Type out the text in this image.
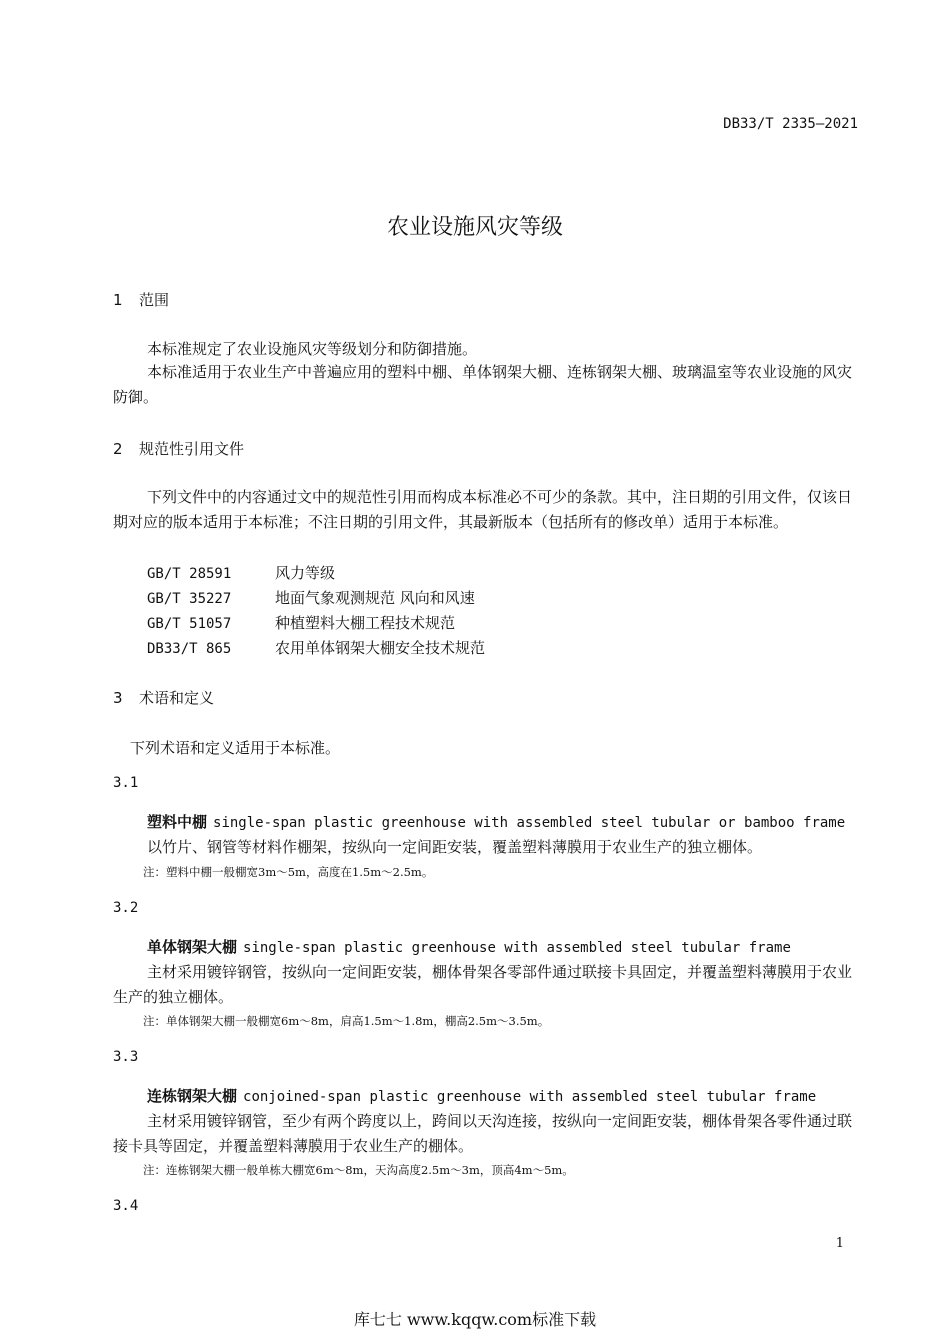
DB33/T 2335—2021
农业设施风灾等级
1 范围
本标准规定了农业设施风灾等级划分和防御措施。
本标准适用于农业生产中普遍应用的塑料中棚、单体钢架大棚、连栋钢架大棚、玻璃温室等农业设施的风灾防御。
2 规范性引用文件
下列文件中的内容通过文中的规范性引用而构成本标准必不可少的条款。其中，注日期的引用文件，仅该日期对应的版本适用于本标准；不注日期的引用文件，其最新版本（包括所有的修改单）适用于本标准。
GB/T 28591	风力等级
GB/T 35227	地面气象观测规范 风向和风速
GB/T 51057	种植塑料大棚工程技术规范
DB33/T 865	农用单体钢架大棚安全技术规范
3 术语和定义
下列术语和定义适用于本标准。
3.1
塑料中棚 single-span plastic greenhouse with assembled steel tubular or bamboo frame
以竹片、钢管等材料作棚架，按纵向一定间距安装，覆盖塑料薄膜用于农业生产的独立棚体。
注：塑料中棚一般棚宽3m～5m，高度在1.5m～2.5m。
3.2
单体钢架大棚 single-span plastic greenhouse with assembled steel tubular frame
主材采用镀锌钢管，按纵向一定间距安装，棚体骨架各零部件通过联接卡具固定，并覆盖塑料薄膜用于农业生产的独立棚体。
注：单体钢架大棚一般棚宽6m～8m，肩高1.5m～1.8m，棚高2.5m～3.5m。
3.3
连栋钢架大棚 conjoined-span plastic greenhouse with assembled steel tubular frame
主材采用镀锌钢管，至少有两个跨度以上，跨间以天沟连接，按纵向一定间距安装，棚体骨架各零件通过联接卡具等固定，并覆盖塑料薄膜用于农业生产的棚体。
注：连栋钢架大棚一般单栋大棚宽6m～8m，天沟高度2.5m～3m，顶高4m～5m。
3.4
1
库七七 www.kqqw.com标准下载
